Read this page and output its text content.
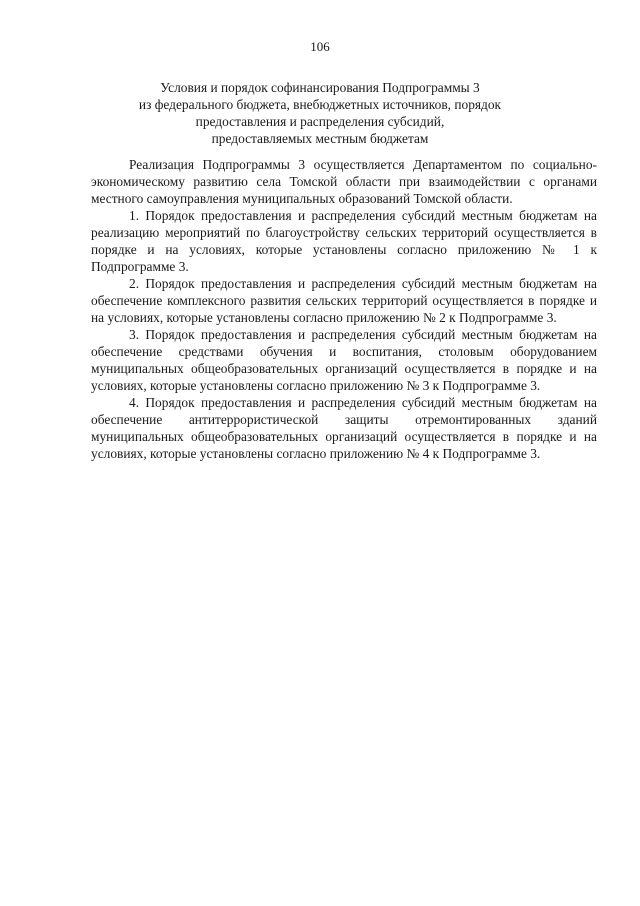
106
Условия и порядок софинансирования Подпрограммы 3
из федерального бюджета, внебюджетных источников, порядок
предоставления и распределения субсидий,
предоставляемых местным бюджетам

Реализация Подпрограммы 3 осуществляется Департаментом по социально-экономическому развитию села Томской области при взаимодействии с органами местного самоуправления муниципальных образований Томской области.

1. Порядок предоставления и распределения субсидий местным бюджетам на реализацию мероприятий по благоустройству сельских территорий осуществляется в порядке и на условиях, которые установлены согласно приложению № 1 к Подпрограмме 3.

2. Порядок предоставления и распределения субсидий местным бюджетам на обеспечение комплексного развития сельских территорий осуществляется в порядке и на условиях, которые установлены согласно приложению № 2 к Подпрограмме 3.

3. Порядок предоставления и распределения субсидий местным бюджетам на обеспечение средствами обучения и воспитания, столовым оборудованием муниципальных общеобразовательных организаций осуществляется в порядке и на условиях, которые установлены согласно приложению № 3 к Подпрограмме 3.

4. Порядок предоставления и распределения субсидий местным бюджетам на обеспечение антитеррористической защиты отремонтированных зданий муниципальных общеобразовательных организаций осуществляется в порядке и на условиях, которые установлены согласно приложению № 4 к Подпрограмме 3.
